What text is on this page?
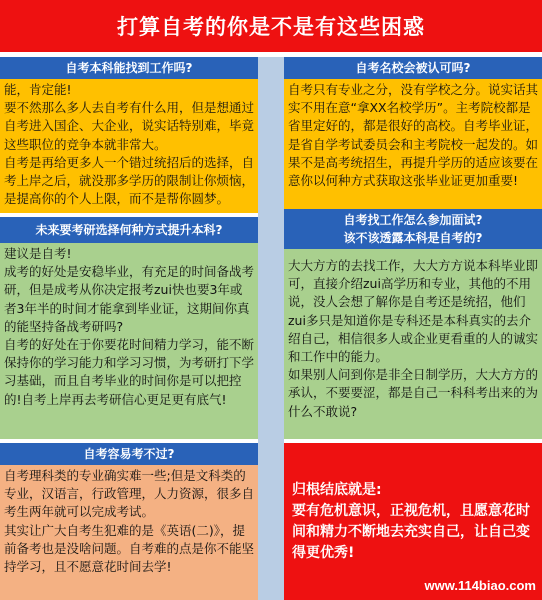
打算自考的你是不是有这些困惑
自考本科能找到工作吗?
能，肯定能!
要不然那么多人去自考有什么用，但是想通过自考进入国企、大企业，说实话特别难，毕竟这些职位的竞争本就非常大。
自考是再给更多人一个错过统招后的选择，自考上岸之后，就没那多学历的限制让你烦恼，是提高你的个人上限，而不是帮你圆梦。
未来要考研选择何种方式提升本科?
建议是自考!
成考的好处是安稳毕业，有充足的时间备战考研，但是成考从你决定报考zui快也要3年或者3年半的时间才能拿到毕业证，这期间你真的能坚持备战考研吗?
自考的好处在于你要花时间精力学习，能不断保持你的学习能力和学习习惯，为考研打下学习基础，而且自考毕业的时间你是可以把控的!自考上岸再去考研信心更足更有底气!
自考容易考不过?
自考理科类的专业确实难一些;但是文科类的专业，汉语言，行政管理，人力资源，很多自考生两年就可以完成考试。
其实让广大自考生犯难的是《英语(二)》，提前备考也是没啥问题。自考难的点是你不能坚持学习，且不愿意花时间去学!
自考名校会被认可吗?
自考只有专业之分，没有学校之分。说实话其实不用在意“拿XX名校学历”。主考院校都是省里定好的，都是很好的高校。自考毕业证，是省自学考试委员会和主考院校一起发的。如果不是高考统招生，再提升学历的适应该要在意你以何种方式获取这张毕业证更加重要!
自考找工作怎么参加面试?
该不该透露本科是自考的?
大大方方的去找工作，大大方方说本科毕业即可，直接介绍zui高学历和专业，其他的不用说，没人会想了解你是自考还是统招，他们zui多只是知道你是专科还是本科真实的去介绍自己，相信很多人或企业更看重的人的诚实和工作中的能力。
如果别人问到你是非全日制学历，大大方方的承认，不要要涩，都是自己一科科考出来的为什么不敢说?
归根结底就是:
要有危机意识，正视危机，且愿意花时间和精力不断地去充实自己，让自己变得更优秀!
www.114biao.com
